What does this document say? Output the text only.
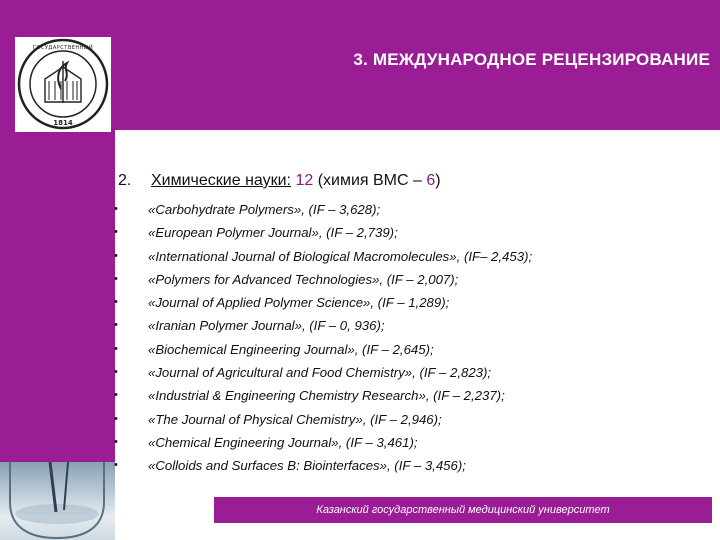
ГОСУДАРСТВЕННЫЙ
1814
3. МЕЖДУНАРОДНОЕ РЕЦЕНЗИРОВАНИЕ
2. Химические науки: 12 (химия ВМС – 6)
• «Carbohydrate Polymers», (IF – 3,628);
• «European Polymer Journal», (IF – 2,739);
• «International Journal of Biological Macromolecules», (IF– 2,453);
• «Polymers for Advanced Technologies», (IF – 2,007);
• «Journal of Applied Polymer Science», (IF – 1,289);
• «Iranian Polymer Journal», (IF – 0, 936);
• «Biochemical Engineering Journal», (IF – 2,645);
• «Journal of Agricultural and Food Chemistry», (IF – 2,823);
• «Industrial & Engineering Chemistry Research», (IF – 2,237);
• «The Journal of Physical Chemistry», (IF – 2,946);
• «Chemical Engineering Journal», (IF – 3,461);
• «Colloids and Surfaces B: Biointerfaces», (IF – 3,456);
Казанский государственный медицинский университет
